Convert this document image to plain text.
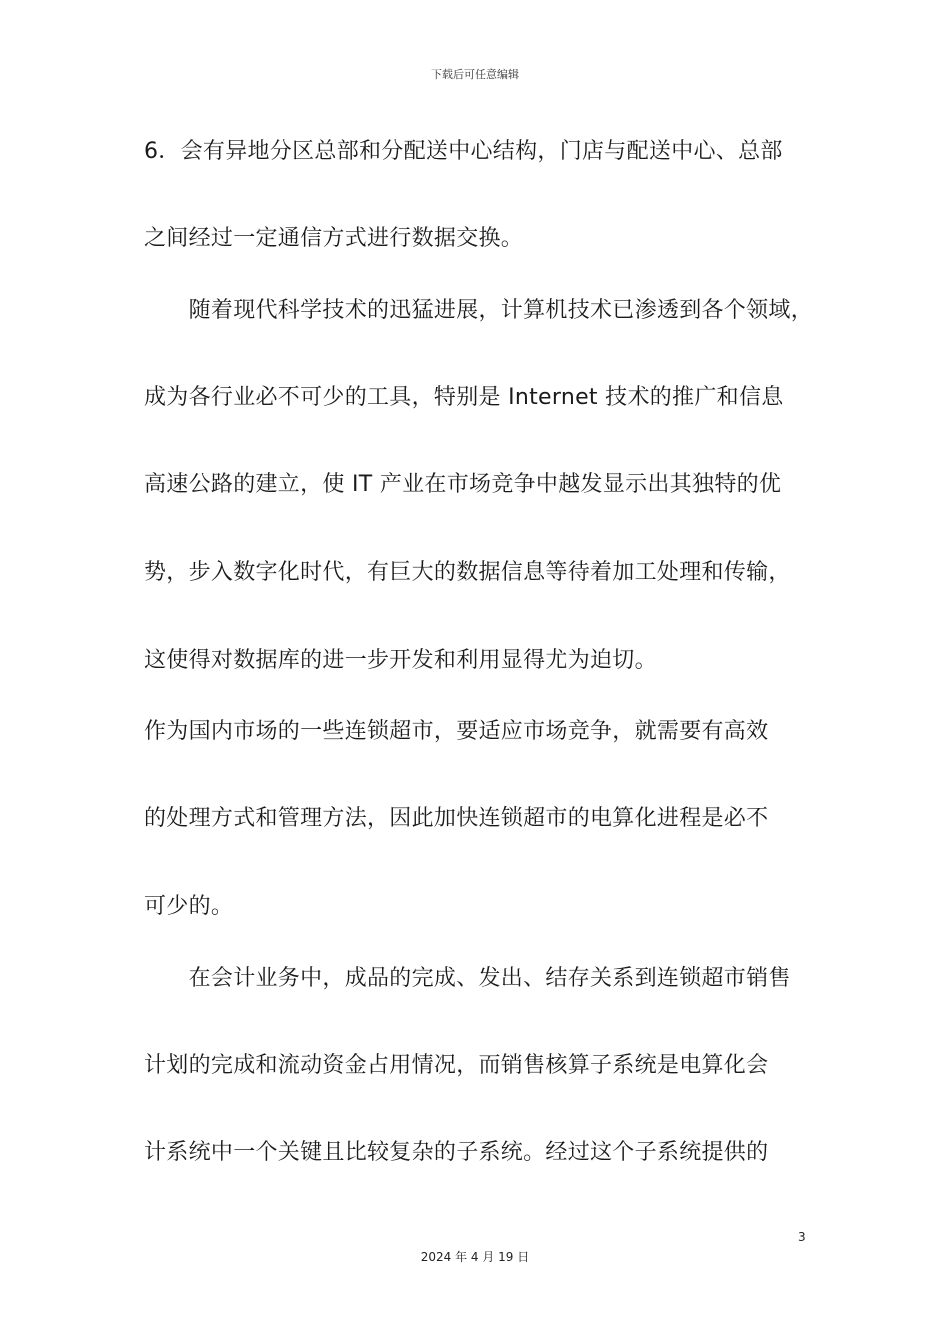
下载后可任意编辑
6．会有异地分区总部和分配送中心结构，门店与配送中心、总部
之间经过一定通信方式进行数据交换。
　　随着现代科学技术的迅猛进展，计算机技术已渗透到各个领域，
成为各行业必不可少的工具，特别是 Internet 技术的推广和信息
高速公路的建立，使 IT 产业在市场竞争中越发显示出其独特的优
势，步入数字化时代，有巨大的数据信息等待着加工处理和传输，
这使得对数据库的进一步开发和利用显得尤为迫切。
作为国内市场的一些连锁超市，要适应市场竞争，就需要有高效
的处理方式和管理方法，因此加快连锁超市的电算化进程是必不
可少的。
　　在会计业务中，成品的完成、发出、结存关系到连锁超市销售
计划的完成和流动资金占用情况，而销售核算子系统是电算化会
计系统中一个关键且比较复杂的子系统。经过这个子系统提供的
3
2024 年 4 月 19 日
